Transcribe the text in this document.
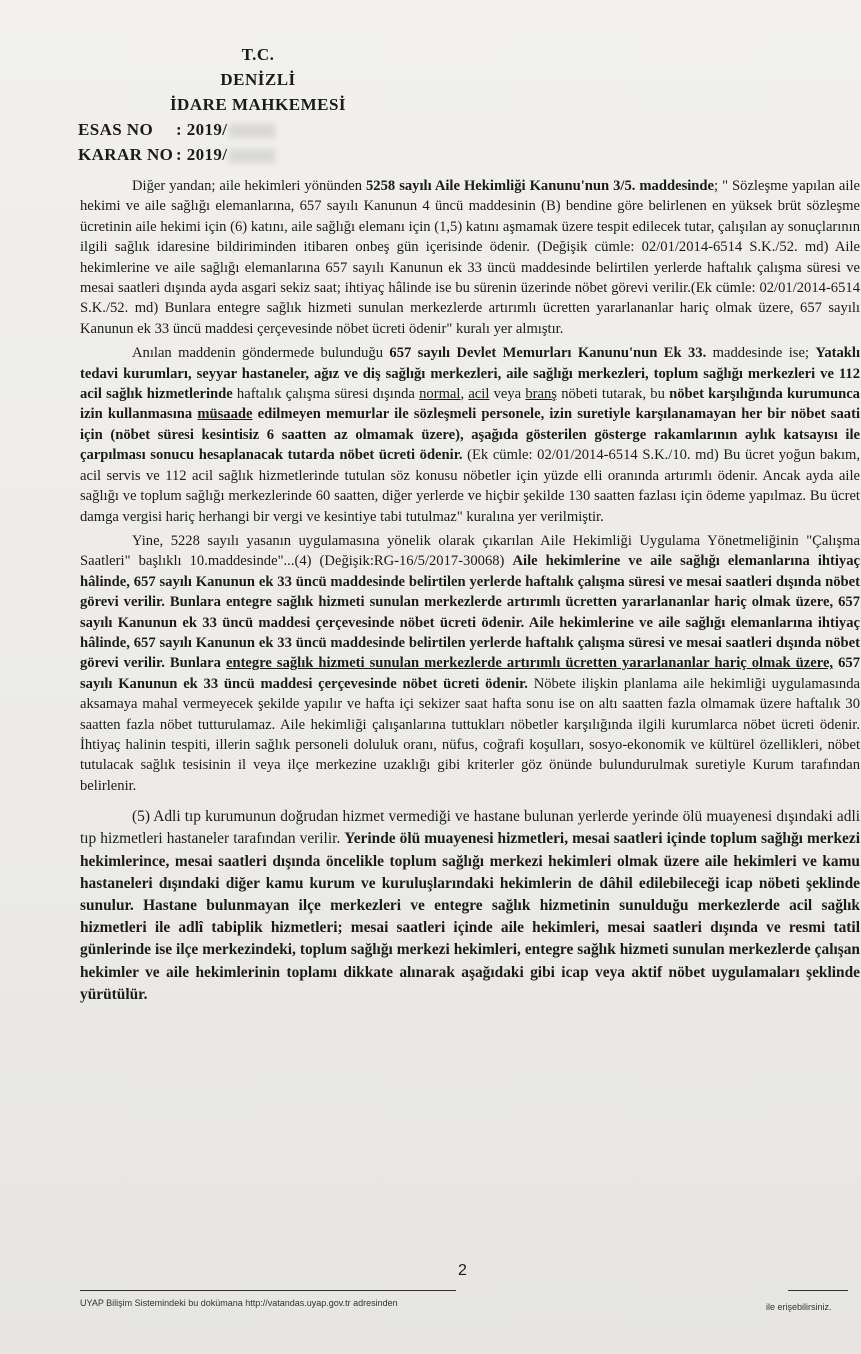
T.C.
DENİZLİ
İDARE MAHKEMESİ
ESAS NO : 2019/
KARAR NO : 2019/

Diğer yandan; aile hekimleri yönünden 5258 sayılı Aile Hekimliği Kanunu'nun 3/5. maddesinde; " Sözleşme yapılan aile hekimi ve aile sağlığı elemanlarına, 657 sayılı Kanunun 4 üncü maddesinin (B) bendine göre belirlenen en yüksek brüt sözleşme ücretinin aile hekimi için (6) katını, aile sağlığı elemanı için (1,5) katını aşmamak üzere tespit edilecek tutar, çalışılan ay sonuçlarının ilgili sağlık idaresine bildiriminden itibaren onbeş gün içerisinde ödenir. (Değişik cümle: 02/01/2014-6514 S.K./52. md) Aile hekimlerine ve aile sağlığı elemanlarına 657 sayılı Kanunun ek 33 üncü maddesinde belirtilen yerlerde haftalık çalışma süresi ve mesai saatleri dışında ayda asgari sekiz saat; ihtiyaç hâlinde ise bu sürenin üzerinde nöbet görevi verilir.(Ek cümle: 02/01/2014-6514 S.K./52. md) Bunlara entegre sağlık hizmeti sunulan merkezlerde artırımlı ücretten yararlananlar hariç olmak üzere, 657 sayılı Kanunun ek 33 üncü maddesi çerçevesinde nöbet ücreti ödenir" kuralı yer almıştır.

Anılan maddenin göndermede bulunduğu 657 sayılı Devlet Memurları Kanunu'nun Ek 33. maddesinde ise; Yataklı tedavi kurumları, seyyar hastaneler, ağız ve diş sağlığı merkezleri, aile sağlığı merkezleri, toplum sağlığı merkezleri ve 112 acil sağlık hizmetlerinde haftalık çalışma süresi dışında normal, acil veya branş nöbeti tutarak, bu nöbet karşılığında kurumunca izin kullanmasına müsaade edilmeyen memurlar ile sözleşmeli personele, izin suretiyle karşılanamayan her bir nöbet saati için (nöbet süresi kesintisiz 6 saatten az olmamak üzere), aşağıda gösterilen gösterge rakamlarının aylık katsayısı ile çarpılması sonucu hesaplanacak tutarda nöbet ücreti ödenir. (Ek cümle: 02/01/2014-6514 S.K./10. md) Bu ücret yoğun bakım, acil servis ve 112 acil sağlık hizmetlerinde tutulan söz konusu nöbetler için yüzde elli oranında artırımlı ödenir. Ancak ayda aile sağlığı ve toplum sağlığı merkezlerinde 60 saatten, diğer yerlerde ve hiçbir şekilde 130 saatten fazlası için ödeme yapılmaz. Bu ücret damga vergisi hariç herhangi bir vergi ve kesintiye tabi tutulmaz" kuralına yer verilmiştir.

Yine, 5228 sayılı yasanın uygulamasına yönelik olarak çıkarılan Aile Hekimliği Uygulama Yönetmeliğinin "Çalışma Saatleri" başlıklı 10.maddesinde"...(4) (Değişik:RG-16/5/2017-30068) Aile hekimlerine ve aile sağlığı elemanlarına ihtiyaç hâlinde, 657 sayılı Kanunun ek 33 üncü maddesinde belirtilen yerlerde haftalık çalışma süresi ve mesai saatleri dışında nöbet görevi verilir. Bunlara entegre sağlık hizmeti sunulan merkezlerde artırımlı ücretten yararlananlar hariç olmak üzere, 657 sayılı Kanunun ek 33 üncü maddesi çerçevesinde nöbet ücreti ödenir. Aile hekimlerine ve aile sağlığı elemanlarına ihtiyaç hâlinde, 657 sayılı Kanunun ek 33 üncü maddesinde belirtilen yerlerde haftalık çalışma süresi ve mesai saatleri dışında nöbet görevi verilir. Bunlara entegre sağlık hizmeti sunulan merkezlerde artırımlı ücretten yararlananlar hariç olmak üzere, 657 sayılı Kanunun ek 33 üncü maddesi çerçevesinde nöbet ücreti ödenir. Nöbete ilişkin planlama aile hekimliği uygulamasında aksamaya mahal vermeyecek şekilde yapılır ve hafta içi sekizer saat hafta sonu ise on altı saatten fazla olmamak üzere haftalık 30 saatten fazla nöbet tutturulamaz. Aile hekimliği çalışanlarına tuttukları nöbetler karşılığında ilgili kurumlarca nöbet ücreti ödenir. İhtiyaç halinin tespiti, illerin sağlık personeli doluluk oranı, nüfus, coğrafi koşulları, sosyo-ekonomik ve kültürel özellikleri, nöbet tutulacak sağlık tesisinin il veya ilçe merkezine uzaklığı gibi kriterler göz önünde bulundurulmak suretiyle Kurum tarafından belirlenir.

(5) Adli tıp kurumunun doğrudan hizmet vermediği ve hastane bulunan yerlerde yerinde ölü muayenesi dışındaki adli tıp hizmetleri hastaneler tarafından verilir. Yerinde ölü muayenesi hizmetleri, mesai saatleri içinde toplum sağlığı merkezi hekimlerince, mesai saatleri dışında öncelikle toplum sağlığı merkezi hekimleri olmak üzere aile hekimleri ve kamu hastaneleri dışındaki diğer kamu kurum ve kuruluşlarındaki hekimlerin de dâhil edilebileceği icap nöbeti şeklinde sunulur. Hastane bulunmayan ilçe merkezleri ve entegre sağlık hizmetinin sunulduğu merkezlerde acil sağlık hizmetleri ile adlî tabiplik hizmetleri; mesai saatleri içinde aile hekimleri, mesai saatleri dışında ve resmi tatil günlerinde ise ilçe merkezindeki, toplum sağlığı merkezi hekimleri, entegre sağlık hizmeti sunulan merkezlerde çalışan hekimler ve aile hekimlerinin toplamı dikkate alınarak aşağıdaki gibi icap veya aktif nöbet uygulamaları şeklinde yürütülür.

2
UYAP Bilişim Sistemindeki bu dokümana http://vatandas.uyap.gov.tr adresinden	ile erişebilirsiniz.
